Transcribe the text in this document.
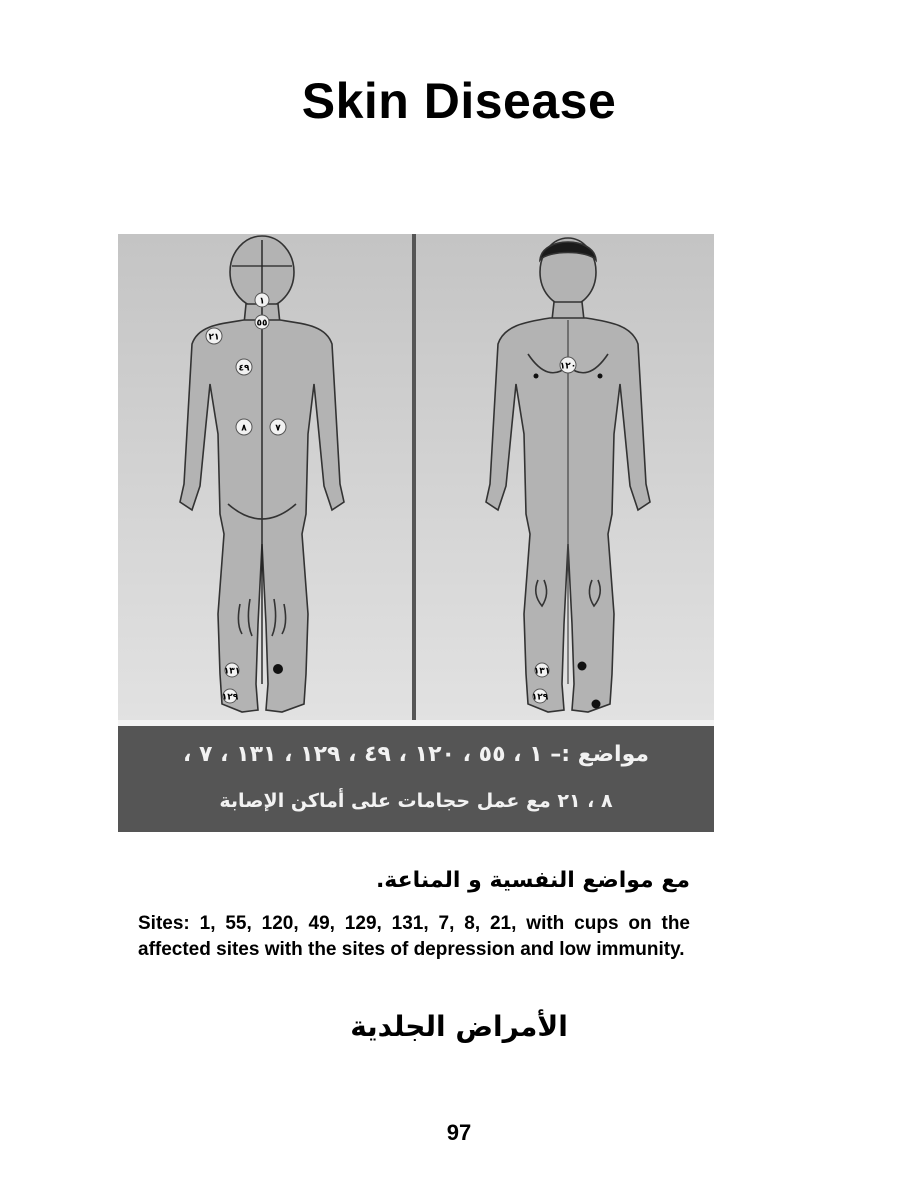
Skin Disease
١
٥٥
٢١
٤٩
٨	٧
١٣١
١٢٩
١٢٠
١٣١
١٢٩
مواضع :– ١ ، ٥٥ ، ١٢٠ ، ٤٩ ، ١٢٩ ، ١٣١ ، ٧ ،
٨ ، ٢١ مع عمل حجامات على أماكن الإصابة
مع مواضع النفسية و المناعة.
Sites: 1, 55, 120, 49, 129, 131, 7, 8, 21, with cups on the affected sites with the sites of depression and low immunity.
الأمراض الجلدية
97
